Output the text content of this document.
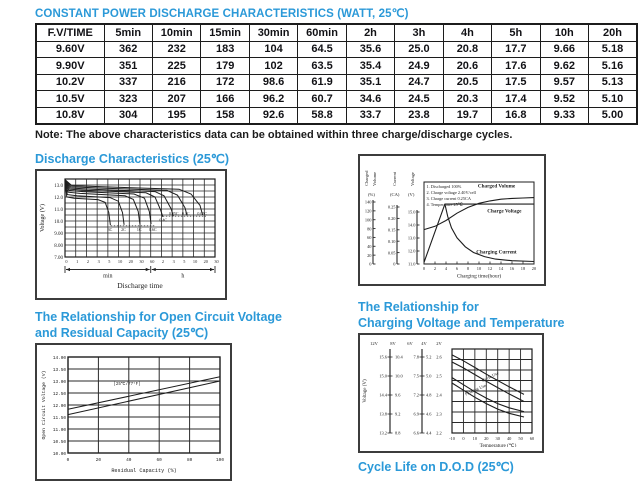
CONSTANT POWER DISCHARGE CHARACTERISTICS (WATT, 25℃)
F.V/TIME	5min	10min	15min	30min	60min	2h	3h	4h	5h	10h	20h
9.60V	362	232	183	104	64.5	35.6	25.0	20.8	17.7	9.66	5.18
9.90V	351	225	179	102	63.5	35.4	24.9	20.6	17.6	9.62	5.16
10.2V	337	216	172	98.6	61.9	35.1	24.7	20.5	17.5	9.57	5.13
10.5V	323	207	166	96.2	60.7	34.6	24.5	20.3	17.4	9.52	5.10
10.8V	304	195	158	92.6	58.8	33.7	23.8	19.7	16.8	9.33	5.00
Note: The above characteristics data can be obtained within three charge/discharge cycles.
Discharge Characteristics (25℃)
13.0
12.0
11.0
10.0
9.00
8.00
7.00
0 1 2 3 5 10 20 30 60 2 3 5 10 20 30
Voltage (V)	3C 2C	1C 0.6C
0.4C
0.25C 0.1C 0.05C
min	h
Discharge time
Charged Volume	Current	Voltage
(%)	(CA) (V)
140
120
100
80
60
40
20
0
0.25
0.20
0.15
0.10
0.05
0
15.0
14.0
13.0
12.0
11.0
0 2 4 6 8 10 12 14 16 18 20
Charging time(hour)
1. Discharged 100%
2. Charge voltage 2.40V/cell
3. Charge current 0.25CA
4. Temperature 25℃
Charged Volume
Charge Voltage
Charging Current
The Relationship for
Charging Voltage and Temperature
Voltage (V)
12V	8V	6V 4V 2V
15.6
15.0
14.4
13.8
13.2
10.4
10.0
9.6
9.2
8.8
7.8
7.5
7.2
6.9
6.6
5.2
5.0
4.8
4.6
4.4
2.6
2.5
2.4
2.3
2.2
-10 0 10 20 30 40 50 60
Temperature (℃)
Cycle Use
Floating Use
The Relationship for Open Circuit Voltage
and Residual Capacity (25℃)
14.00
13.50
13.00
12.50
12.00
11.50
11.00
10.50
10.00
0	20	40	60	80	100
Open Circuit Voltage (V)
Residual Capacity (%)
(25℃/77°F)
Cycle Life on D.O.D (25℃)
